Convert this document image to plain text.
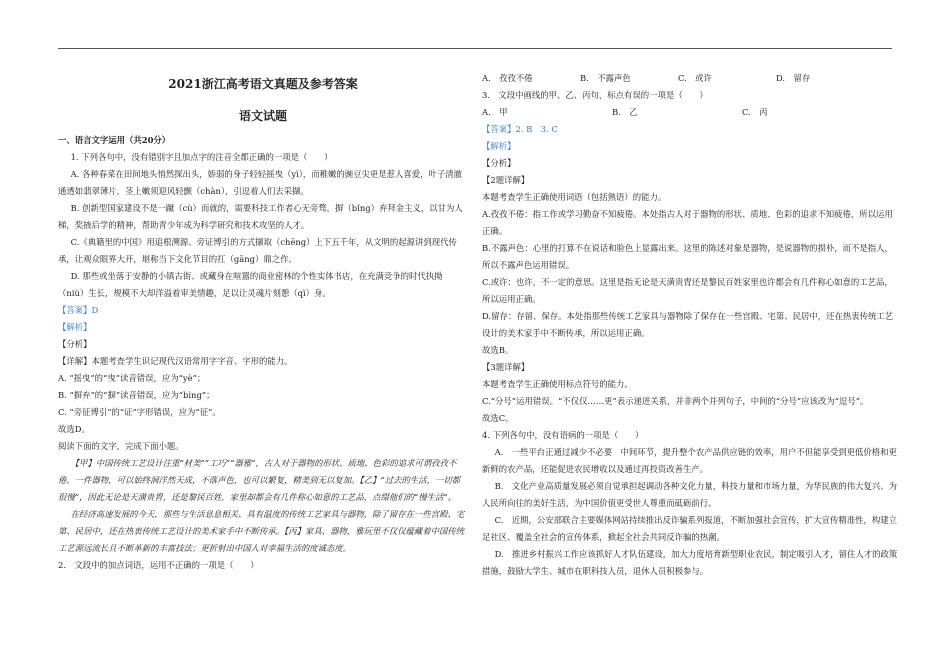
2021浙江高考语文真题及参考答案
语文试题

一、语言文字运用（共20分）

1. 下列各句中，没有错别字且加点字的注音全都正确的一项是（　　）

A. 各种春菜在田间地头悄然探出头，娇弱的身子轻轻摇曳（yì），而稚嫩的豌豆尖更是惹人喜爱，叶子清澈通透如翡翠薄片，茎上嫩须迎风轻颤（chàn），引逗着人们去采撷。

B. 创新型国家建设不是一蹴（cù）而就的，需要科技工作者心无旁骛，摒（bǐng）弃拜金主义，以甘为人梯，奖掖后学的精神，帮助青少年成为科学研究和技术攻坚的人才。

C.《典籍里的中国》用追根溯源、旁证博引的方式撷取（chēng）上下五千年，从文明的起源讲到现代传承，让观众眼界大开，堪称当下文化节目的扛（gāng）鼎之作。

D. 那些或坐落于安静的小镇古街、或藏身在喧嚣的商业密林的个性实体书店，在充满竞争的时代执拗（niù）生长，规模不大却洋溢着审美情趣，足以让灵魂片刻憩（qì）身。

【答案】D

【解析】

【分析】

【详解】本题考查学生识记现代汉语常用字字音、字形的能力。

A. “摇曳”的“曳”读音错误，应为“yè”；

B. “摒弃”的“摒”读音错误，应为“bìng”；

C. “旁征博引”的“证”字形错误，应为“征”。

故选D。

阅读下面的文字，完成下面小题。

【甲】中国传统工艺设计注重“材美”“工巧”“器雅”，古人对于器物的形状、质地、色彩的追求可谓孜孜不倦。一件器物，可以始终洞洋然天成，不落声色，也可以繁复，精美到无以复加。【乙】“过去的生活，一切都很慢”，因此无论是天潢贵胄，还是黎民百姓，家里却都会有几件称心如意的工艺品，点缀他们的“慢生活”。

在经济高速发展的今天，那些与生活息息相关、具有温度的传统工艺家具与器物，除了留存在一些宫殿、宅第、民居中，还在热衷传统工艺设计的美术家手中不断传承。【丙】家具、器物，雅玩里不仅仅蕴藏着中国传统工艺源远流长且不断革新的丰富技法；更折射出中国人对幸福生活的度诚态度。

2.　文段中的加点词语，运用不正确的一项是（　　）

A.　孜孜不倦	B.　不露声色	C.　或许	D.　留存

3.　文段中画线的甲、乙、丙句，标点有误的一项是（　　）

A.　甲	B.　乙	C.　丙

【答案】2. B　3. C

【解析】

【分析】

【2题详解】

本题考查学生正确使用词语（包括熟语）的能力。

A.孜孜不倦：指工作或学习勤奋不知疲倦。本处指古人对于器物的形状、质地、色彩的追求不知疲倦，所以运用正确。

B.不露声色：心里的打算不在说话和脸色上显露出来。这里的陈述对象是器物，是说器物的损朴，而不是指人，所以不露声色运用错误。

C.或许：也许，不一定的意思。这里是指无论是天潢贵胄还是黎民百姓家里也许都会有几件称心如意的工艺品，所以运用正确。

D.留存：存留、保存。本处指那些传统工艺家具与器物除了保存在一些宫殿、宅第、民居中，还在热衷传统工艺设计的美术家手中不断传承，所以运用正确。

故选B。

【3题详解】

本题考查学生正确使用标点符号的能力。

C.“分号”运用错误。“不仅仅……更”表示递进关系，并非两个并列句子，中间的“分号”应该改为“逗号”。

故选C。

4. 下列各句中，没有语病的一项是（　　）

A.　一些平台正通过减少不必要　中间环节，提升整个农产品供应链的效率，用户不但能享受到更低价格和更新鲜的农产品，还能促进农民增收以及通过再投资改善生产。

B.　文化产业高质量发展必须自觉承担起调动各种文化力量，科技力量和市场力量，为华民族的伟大复兴、为人民所向往的美好生活，为中国价值更受世人尊重而砥砺前行。

C.　近期，公安部联合主要媒体网站持续推出反诈骗系列报道，不断加强社会宣传，扩大宣传精准性，构建立足社区、覆盖全社会的宣传体系，掀起全社会共同反诈骗的热潮。

D.　推进乡村振兴工作应该抓好人才队伍建设，加大力度培育新型职业农民，制定吸引人才，留住人才的政策措施，鼓励大学生、城市在职科技人员，退休人员积极参与。
